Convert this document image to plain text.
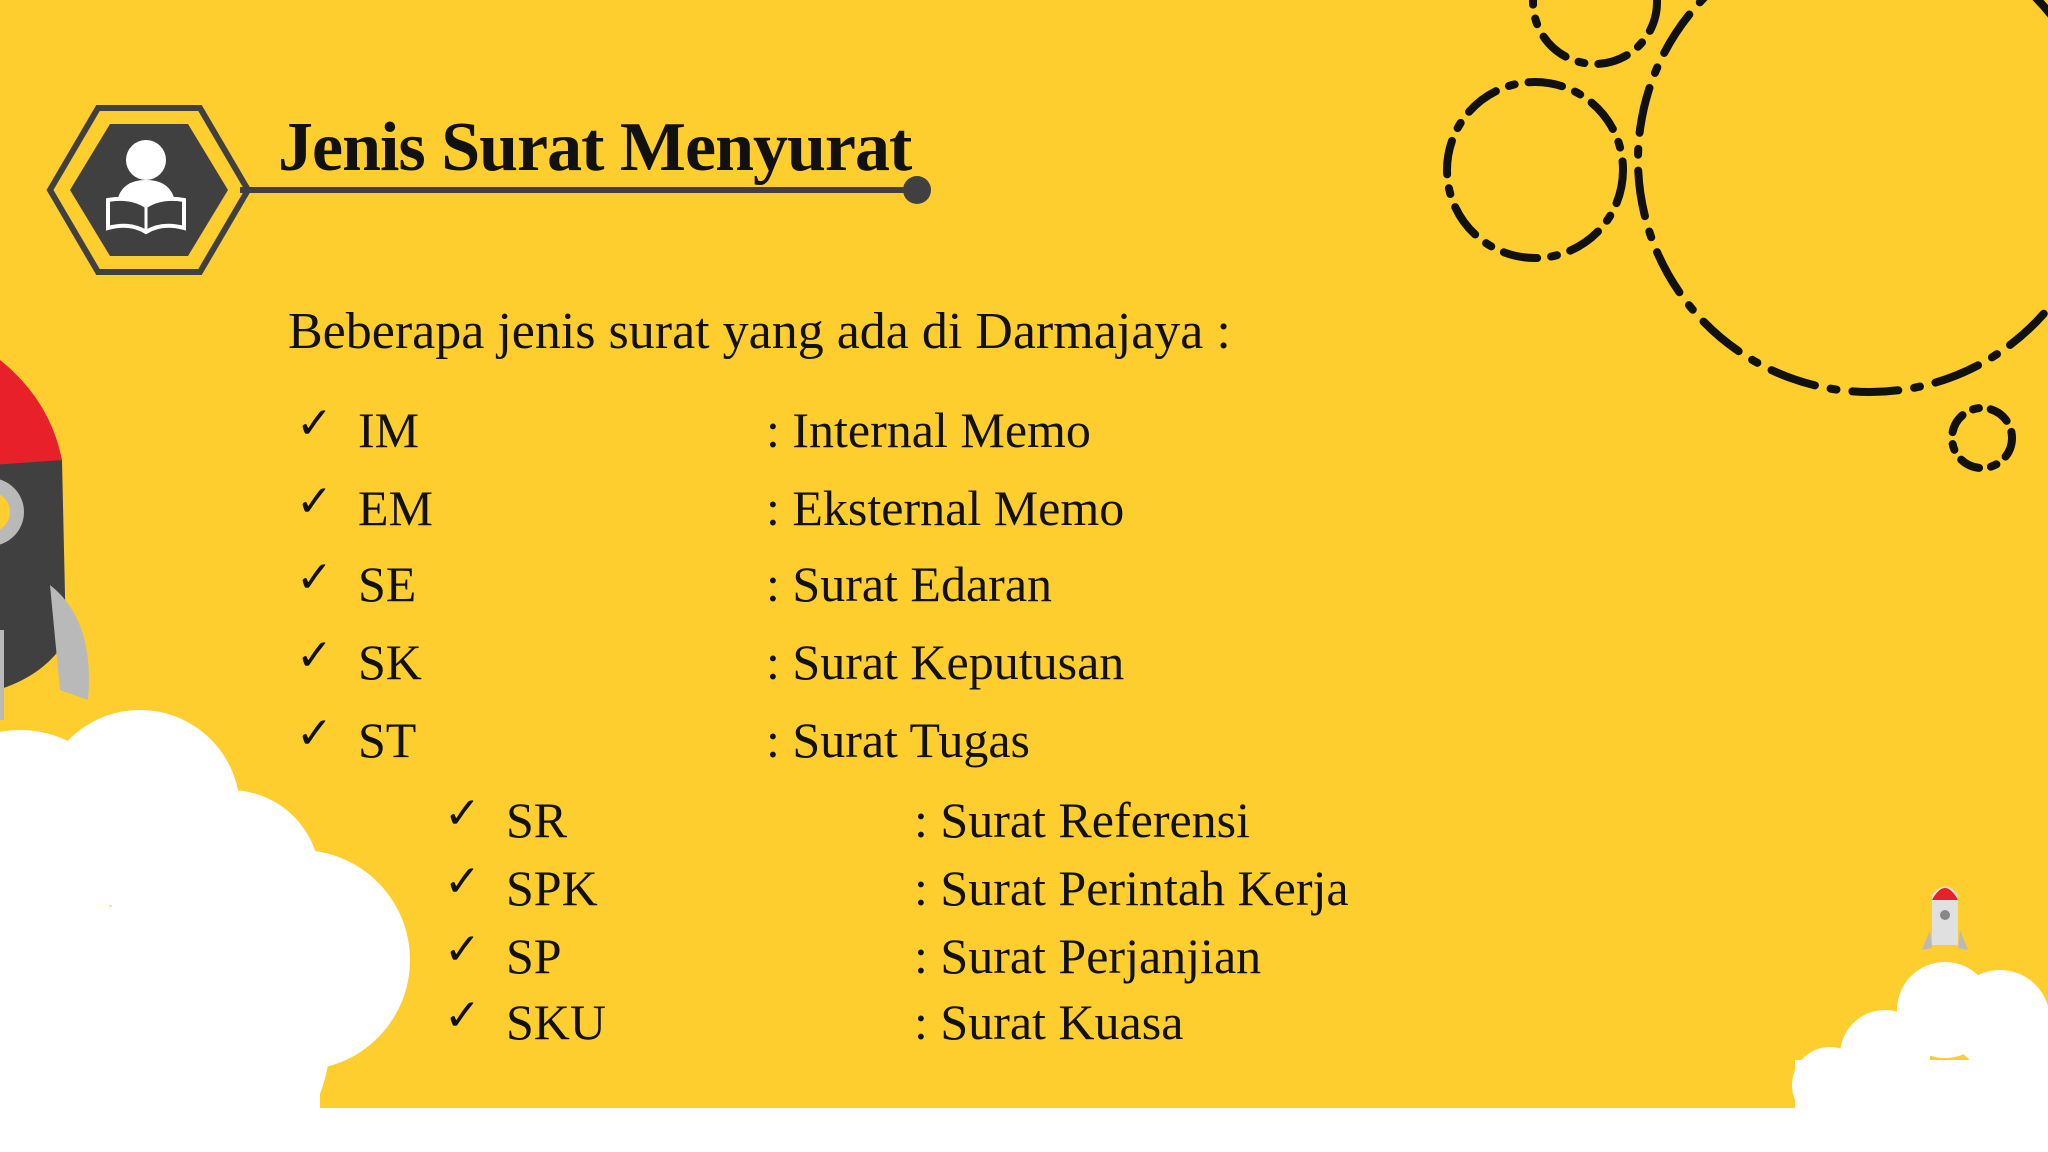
Jenis Surat Menyurat
Beberapa jenis surat yang ada di Darmajaya :
✓ IM	: Internal Memo
✓ EM	: Eksternal Memo
✓ SE	: Surat Edaran
✓ SK	: Surat Keputusan
✓ ST	: Surat Tugas
✓ SR	: Surat Referensi
✓ SPK	: Surat Perintah Kerja
✓ SP	: Surat Perjanjian
✓ SKU	: Surat Kuasa
